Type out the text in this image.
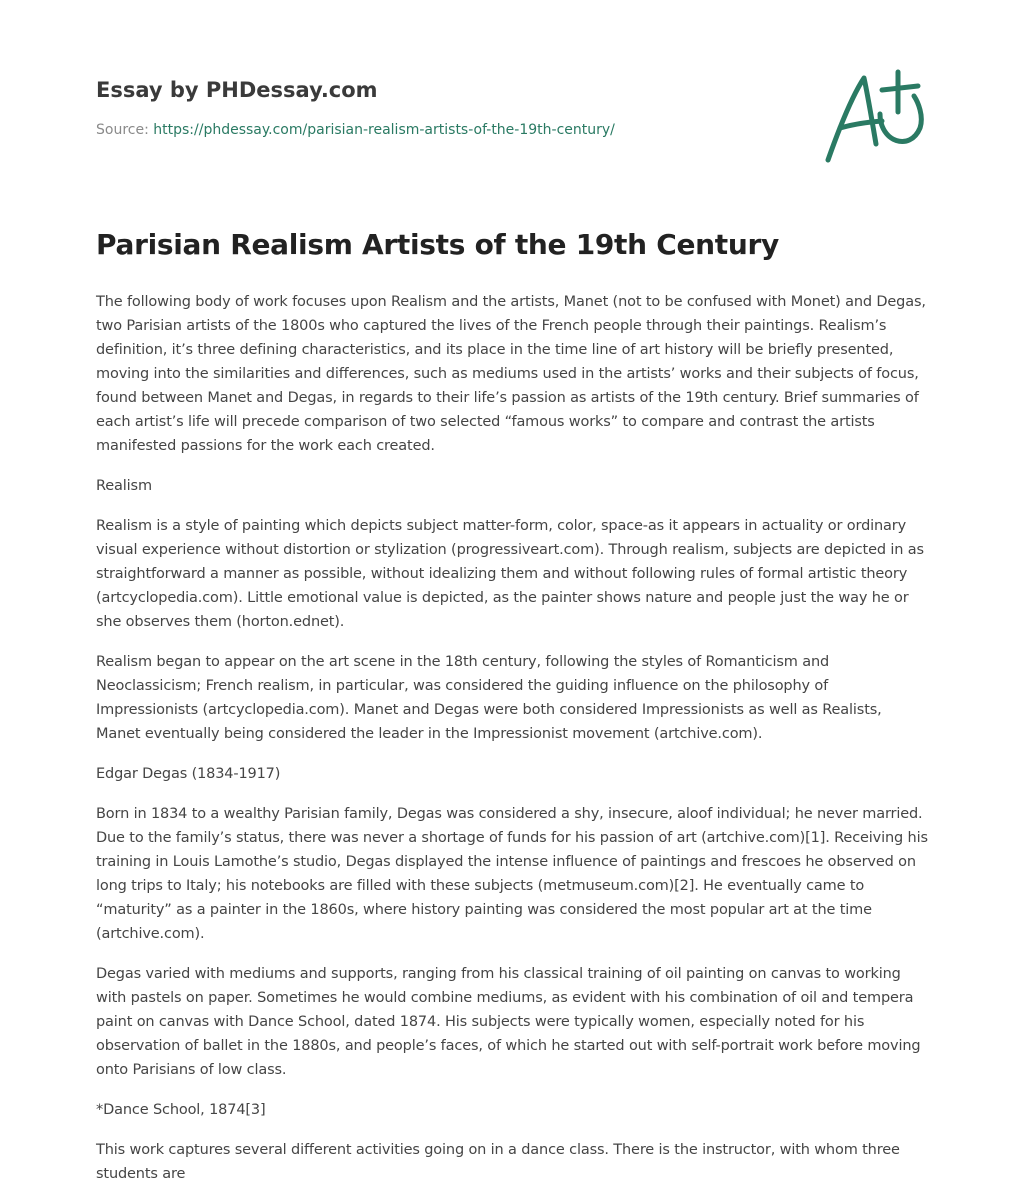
Essay by PHDessay.com
Source: https://phdessay.com/parisian-realism-artists-of-the-19th-century/
Parisian Realism Artists of the 19th Century

The following body of work focuses upon Realism and the artists, Manet (not to be confused with Monet) and Degas, two Parisian artists of the 1800s who captured the lives of the French people through their paintings. Realism’s definition, it’s three defining characteristics, and its place in the time line of art history will be briefly presented, moving into the similarities and differences, such as mediums used in the artists’ works and their subjects of focus, found between Manet and Degas, in regards to their life’s passion as artists of the 19th century. Brief summaries of each artist’s life will precede comparison of two selected “famous works” to compare and contrast the artists manifested passions for the work each created.

Realism

Realism is a style of painting which depicts subject matter-form, color, space-as it appears in actuality or ordinary visual experience without distortion or stylization (progressiveart.com). Through realism, subjects are depicted in as straightforward a manner as possible, without idealizing them and without following rules of formal artistic theory (artcyclopedia.com). Little emotional value is depicted, as the painter shows nature and people just the way he or she observes them (horton.ednet).

Realism began to appear on the art scene in the 18th century, following the styles of Romanticism and Neoclassicism; French realism, in particular, was considered the guiding influence on the philosophy of Impressionists (artcyclopedia.com). Manet and Degas were both considered Impressionists as well as Realists, Manet eventually being considered the leader in the Impressionist movement (artchive.com).

Edgar Degas (1834-1917)

Born in 1834 to a wealthy Parisian family, Degas was considered a shy, insecure, aloof individual; he never married. Due to the family’s status, there was never a shortage of funds for his passion of art (artchive.com)[1]. Receiving his training in Louis Lamothe’s studio, Degas displayed the intense influence of paintings and frescoes he observed on long trips to Italy; his notebooks are filled with these subjects (metmuseum.com)[2]. He eventually came to “maturity” as a painter in the 1860s, where history painting was considered the most popular art at the time (artchive.com).

Degas varied with mediums and supports, ranging from his classical training of oil painting on canvas to working with pastels on paper. Sometimes he would combine mediums, as evident with his combination of oil and tempera paint on canvas with Dance School, dated 1874. His subjects were typically women, especially noted for his observation of ballet in the 1880s, and people’s faces, of which he started out with self-portrait work before moving onto Parisians of low class.

*Dance School, 1874[3]

This work captures several different activities going on in a dance class. There is the instructor, with whom three students are
